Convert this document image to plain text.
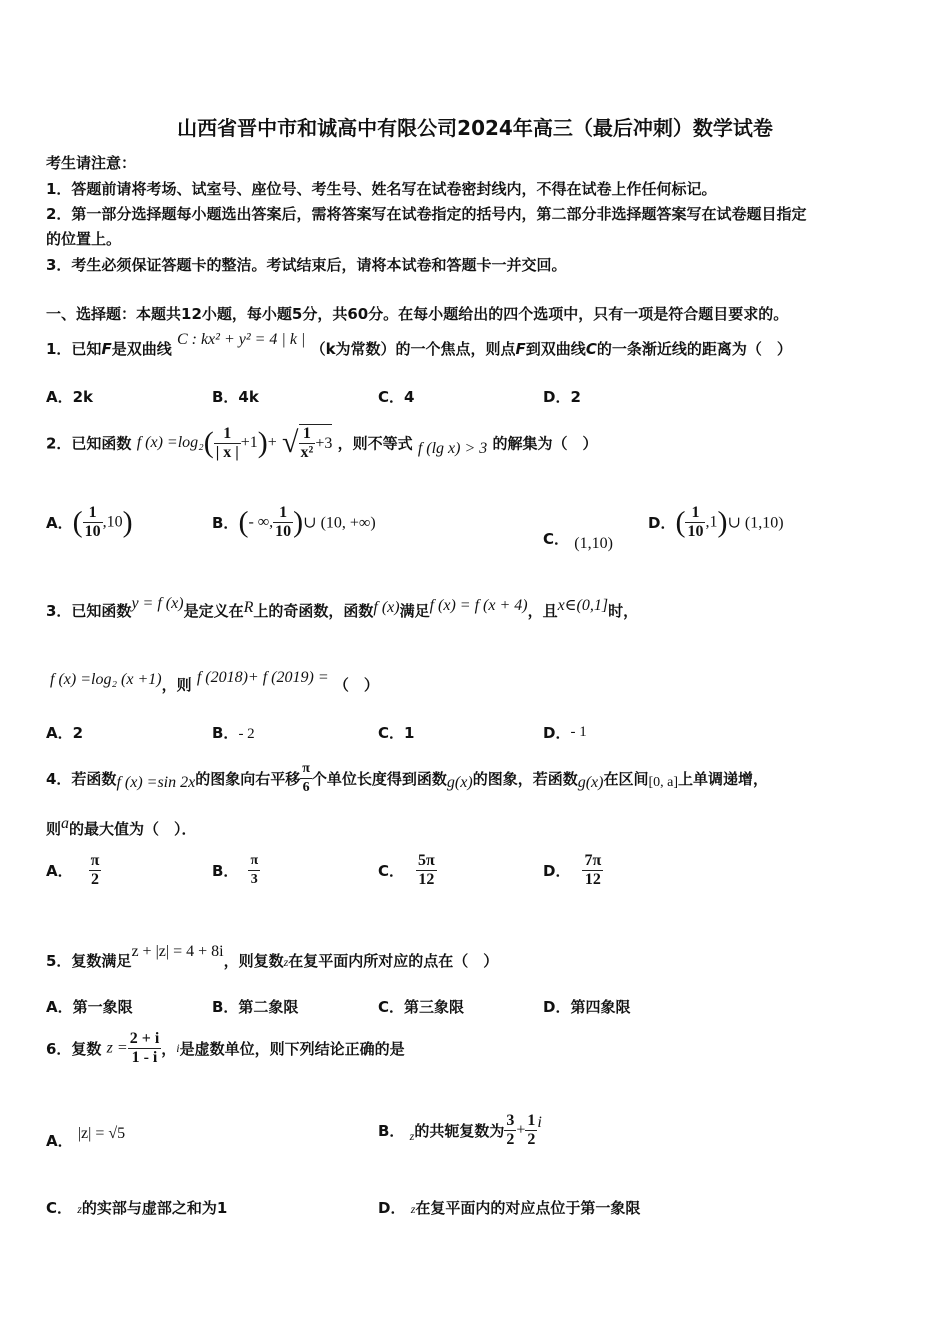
山西省晋中市和诚高中有限公司2024年高三（最后冲刺）数学试卷
考生请注意：
1．答题前请将考场、试室号、座位号、考生号、姓名写在试卷密封线内，不得在试卷上作任何标记。
2．第一部分选择题每小题选出答案后，需将答案写在试卷指定的括号内，第二部分非选择题答案写在试卷题目指定
的位置上。
3．考生必须保证答题卡的整洁。考试结束后，请将本试卷和答题卡一并交回。
一、选择题：本题共12小题，每小题5分，共60分。在每小题给出的四个选项中，只有一项是符合题目要求的。
1．已知F是双曲线 C : kx² + y² = 4 | k | （k为常数）的一个焦点，则点F到双曲线C的一条渐近线的距离为（　）
A．2k	B．4k	C．4	D．2
2．已知函数 f $(x) =\log_2( \frac{1}{| x |} +1)+$ √ $\frac{1}{\text{x²}} +3$ ，则不等式 f (lg x) > 3 的解集为（　）
A．( $\frac{1}{10} ,10$)	B．(- ∞, $\frac{1}{10}$ )∪ (10, +∞)
C． (1,10)
D．( $\frac{1}{10}$ ,1)∪ (1,10)
3．已知函数y = f (x)是定义在R上的奇函数，函数f (x)满足f (x) = f (x + 4)，且x∈(0,1]时，
f (x) =log₂ (x +1)，则 f (2018)+ f (2019) = （　）
A．2	B．- 2	C．1	D．- 1
4．若函数f (x) =sin 2x的图象向右平移 $\frac{\pi}{6}$ 个单位长度得到函数g(x)的图象，若函数g(x)在区间[0, a]上单调递增，
则a的最大值为（　）．
A． $\frac{\pi}{2}$	B． $\frac{\pi}{3}$	C． $\frac{5\pi}{12}$	D． $\frac{7\pi}{12}$
5．复数满足z + |z| = 4 + 8i，则复数z在复平面内所对应的点在（　）
A．第一象限	B．第二象限	C．第三象限	D．第四象限
6．复数 $z = \frac{2 + i}{1 - i}$ ，i是虚数单位，则下列结论正确的是
A． |z| = √5	B． $_z$的共轭复数为 $\frac{3}{2} + \frac{1}{2}$ i
C． z的实部与虚部之和为1	D． z在复平面内的对应点位于第一象限
